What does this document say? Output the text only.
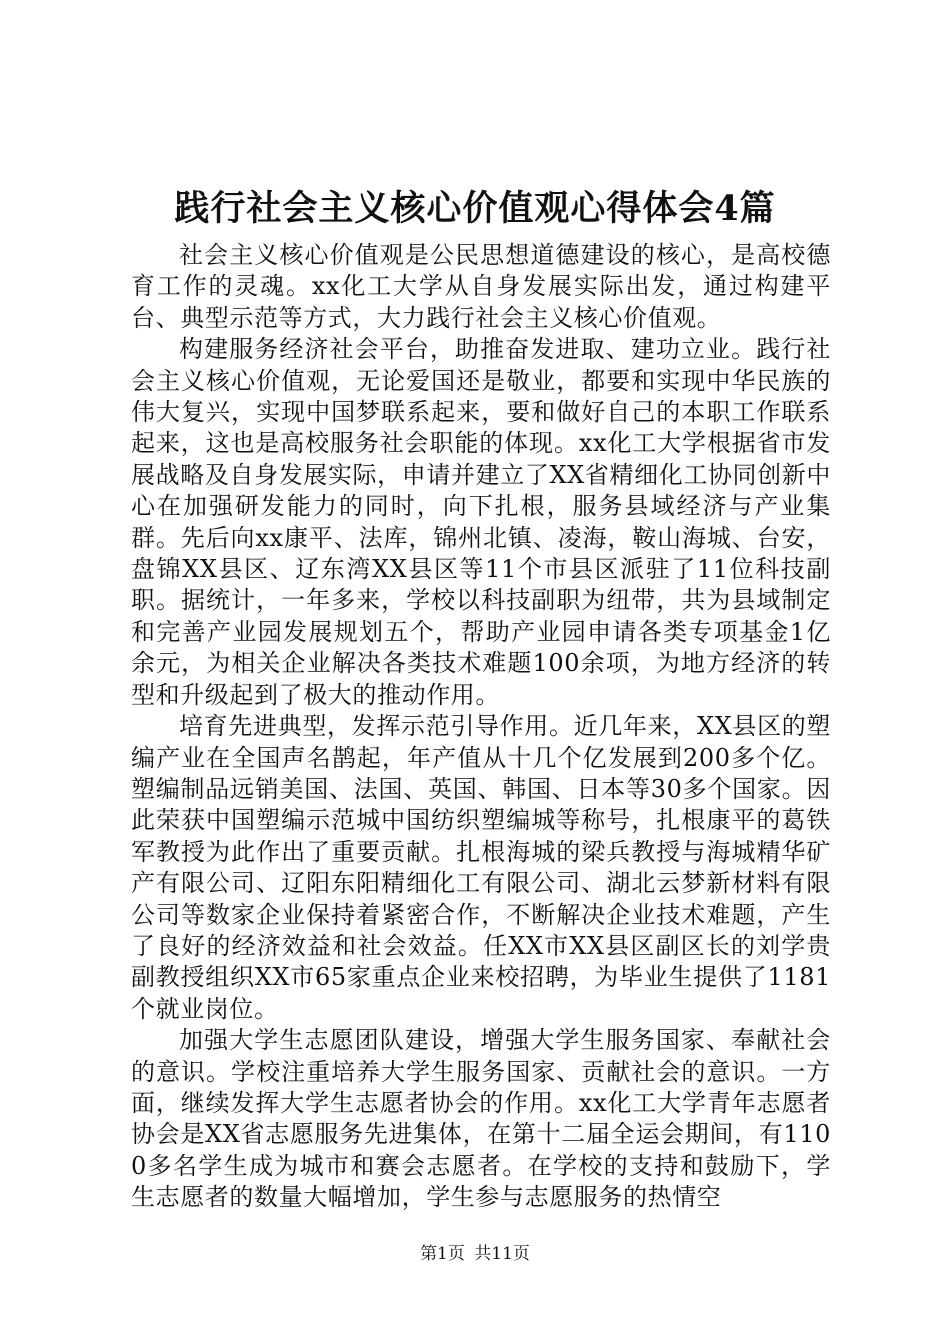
践行社会主义核心价值观心得体会4篇

社会主义核心价值观是公民思想道德建设的核心，是高校德育工作的灵魂。xx化工大学从自身发展实际出发，通过构建平台、典型示范等方式，大力践行社会主义核心价值观。

构建服务经济社会平台，助推奋发进取、建功立业。践行社会主义核心价值观，无论爱国还是敬业，都要和实现中华民族的伟大复兴，实现中国梦联系起来，要和做好自己的本职工作联系起来，这也是高校服务社会职能的体现。xx化工大学根据省市发展战略及自身发展实际，申请并建立了XX省精细化工协同创新中心在加强研发能力的同时，向下扎根，服务县域经济与产业集群。先后向xx康平、法库，锦州北镇、凌海，鞍山海城、台安，盘锦XX县区、辽东湾XX县区等11个市县区派驻了11位科技副职。据统计，一年多来，学校以科技副职为纽带，共为县域制定和完善产业园发展规划五个，帮助产业园申请各类专项基金1亿余元，为相关企业解决各类技术难题100余项，为地方经济的转型和升级起到了极大的推动作用。

培育先进典型，发挥示范引导作用。近几年来，XX县区的塑编产业在全国声名鹊起，年产值从十几个亿发展到200多个亿。塑编制品远销美国、法国、英国、韩国、日本等30多个国家。因此荣获中国塑编示范城中国纺织塑编城等称号，扎根康平的葛铁军教授为此作出了重要贡献。扎根海城的梁兵教授与海城精华矿产有限公司、辽阳东阳精细化工有限公司、湖北云梦新材料有限公司等数家企业保持着紧密合作，不断解决企业技术难题，产生了良好的经济效益和社会效益。任XX市XX县区副区长的刘学贵副教授组织XX市65家重点企业来校招聘，为毕业生提供了1181个就业岗位。

加强大学生志愿团队建设，增强大学生服务国家、奉献社会的意识。学校注重培养大学生服务国家、贡献社会的意识。一方面，继续发挥大学生志愿者协会的作用。xx化工大学青年志愿者协会是XX省志愿服务先进集体，在第十二届全运会期间，有1100多名学生成为城市和赛会志愿者。在学校的支持和鼓励下，学生志愿者的数量大幅增加，学生参与志愿服务的热情空

第1页 共11页
